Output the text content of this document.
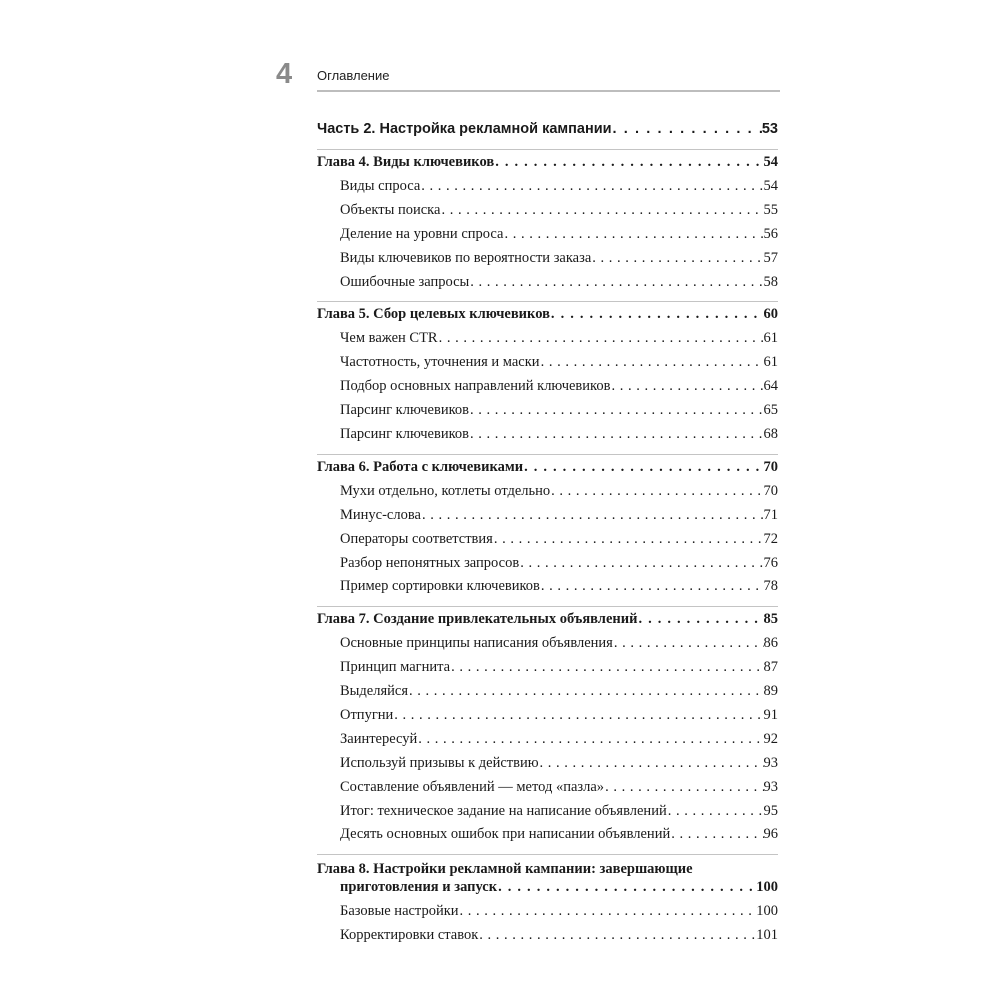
4 Оглавление
Часть 2. Настройка рекламной кампании . . .	53
Глава 4. Виды ключевиков . . .	54
Виды спроса . . .	54
Объекты поиска . . .	55
Деление на уровни спроса . . .	56
Виды ключевиков по вероятности заказа . . .	57
Ошибочные запросы . . .	58
Глава 5. Сбор целевых ключевиков . . .	60
Чем важен CTR . . .	61
Частотность, уточнения и маски . . .	61
Подбор основных направлений ключевиков . . .	64
Парсинг ключевиков . . .	65
Парсинг ключевиков . . .	68
Глава 6. Работа с ключевиками . . .	70
Мухи отдельно, котлеты отдельно . . .	70
Минус-слова . . .	71
Операторы соответствия . . .	72
Разбор непонятных запросов . . .	76
Пример сортировки ключевиков . . .	78
Глава 7. Создание привлекательных объявлений . . .	85
Основные принципы написания объявления . . .	86
Принцип магнита . . .	87
Выделяйся . . .	89
Отпугни . . .	91
Заинтересуй . . .	92
Используй призывы к действию . . .	93
Составление объявлений — метод «пазла» . . .	93
Итог: техническое задание на написание объявлений . . .	95
Десять основных ошибок при написании объявлений . . .	96
Глава 8. Настройки рекламной кампании: завершающие
приготовления и запуск . . .	100
Базовые настройки . . .	100
Корректировки ставок . . .	101
